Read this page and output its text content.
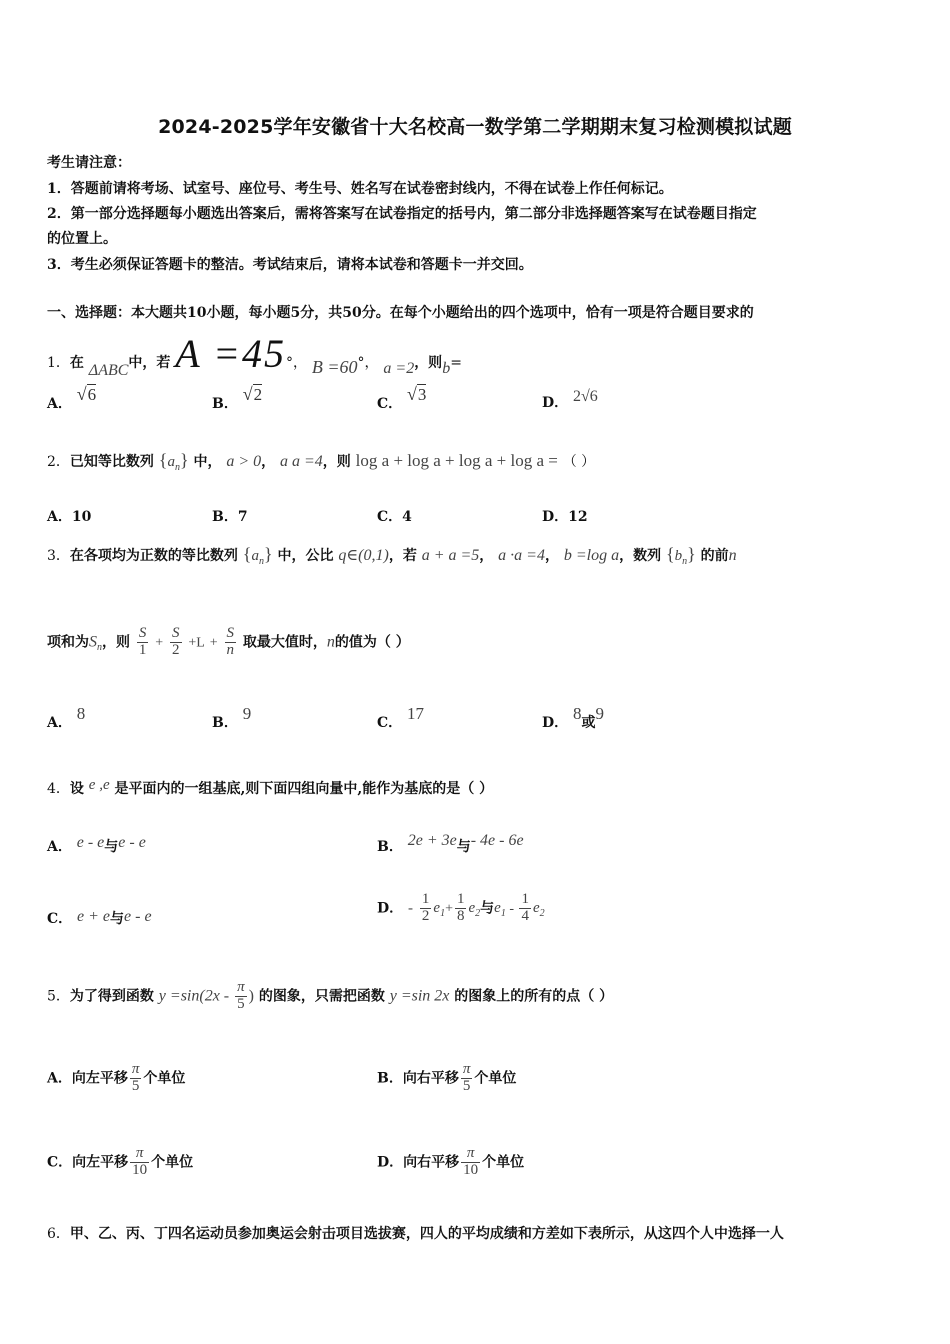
2024-2025学年安徽省十大名校高一数学第二学期期末复习检测模拟试题
考生请注意：
1．答题前请将考场、试室号、座位号、考生号、姓名写在试卷密封线内，不得在试卷上作任何标记。
2．第一部分选择题每小题选出答案后，需将答案写在试卷指定的括号内，第二部分非选择题答案写在试卷题目指定
的位置上。
3．考生必须保证答题卡的整洁。考试结束后，请将本试卷和答题卡一并交回。
一、选择题：本大题共10小题，每小题5分，共50分。在每个小题给出的四个选项中，恰有一项是符合题目要求的
1．在 ΔABC中，若 A =45°， B =60°， a =2，则b=
A． √6	B． √2	C． √3	D． 2√6
2．已知等比数列 $\{a_n\}$ 中， a > 0， a a =4，则 log a + log a + log a + log a = （ ）
A．10	B．7	C．4	D．12
3．在各项均为正数的等比数列 $\{a_n\}$ 中，公比 q∈(0,1)，若 a + a =5， a ·a =4， b =log a，数列 $\{b_n\}$ 的前n
项和为$S_n$，则 $\frac{S}{1} + \frac{S}{2} +L + \frac{S}{n}$ 取最大值时，n的值为（ ）
A． 8	B． 9	C． 17	D． 8或9
4．设 e ,e 是平面内的一组基底,则下面四组向量中,能作为基底的是（ ）
A． e - e与e - e	B． 2e + 3e与- 4e - 6e
C． e + e与e - e	D． - $\frac{1}{2} e_1+ \frac{1}{8} e_2$与$e_1 - \frac{1}{4} e_2$
5．为了得到函数 $y =\sin(2x - \frac{\pi}{5}$ ) 的图象，只需把函数 y =sin 2x 的图象上的所有的点（ ）
A．向左平移 $\frac{\pi}{5}$ 个单位	B．向右平移 $\frac{\pi}{5}$ 个单位
C．向左平移 $\frac{\pi}{10}$ 个单位	D．向右平移 $\frac{\pi}{10}$ 个单位
6．甲、乙、丙、丁四名运动员参加奥运会射击项目选拔赛，四人的平均成绩和方差如下表所示，从这四个人中选择一人
